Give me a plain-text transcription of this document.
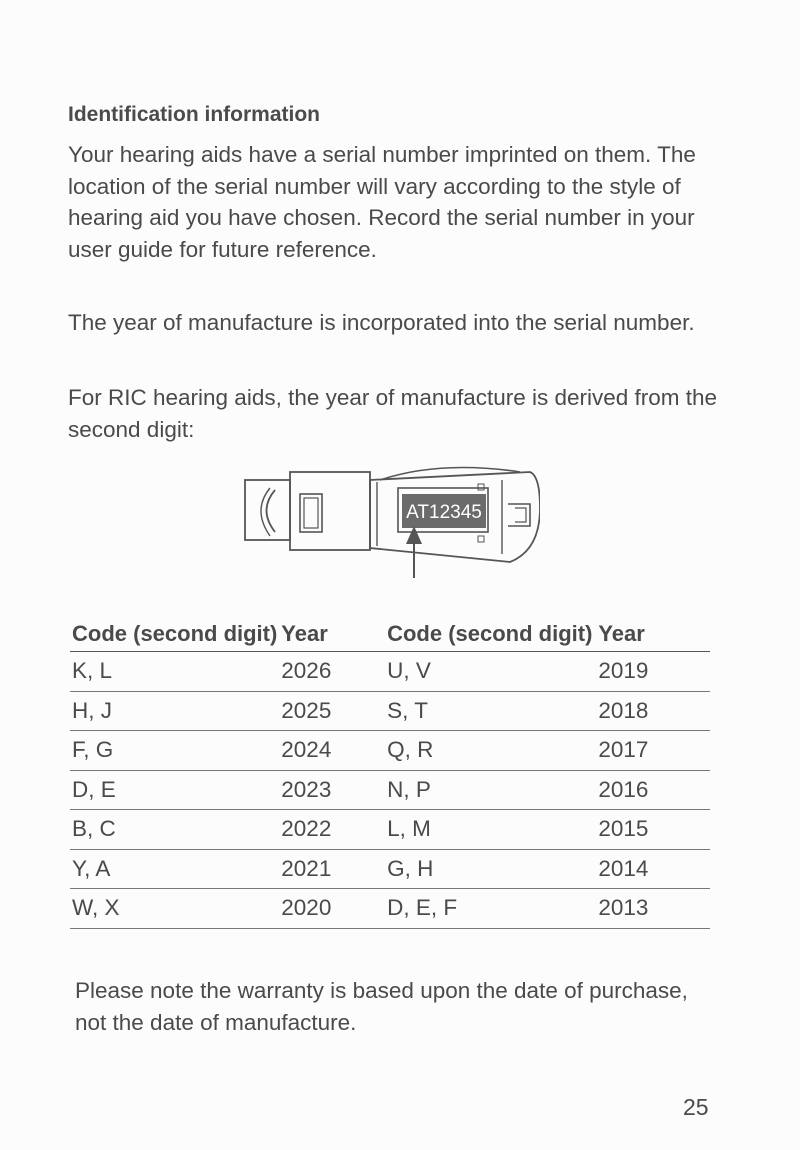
Identification information

Your hearing aids have a serial number imprinted on them. The location of the serial number will vary according to the style of hearing aid you have chosen. Record the serial number in your user guide for future reference.

The year of manufacture is incorporated into the serial number.

For RIC hearing aids, the year of manufacture is derived from the second digit:

AT12345
Code (second digit)	Year	Code (second digit)	Year
K, L	2026	U, V	2019
H, J	2025	S, T	2018
F, G	2024	Q, R	2017
D, E	2023	N, P	2016
B, C	2022	L, M	2015
Y, A	2021	G, H	2014
W, X	2020	D, E, F	2013

Please note the warranty is based upon the date of purchase, not the date of manufacture.

25
